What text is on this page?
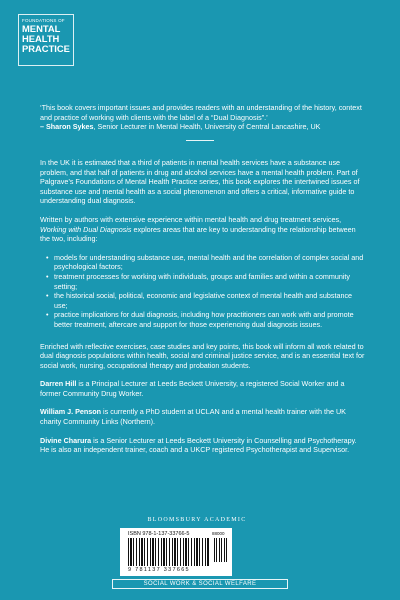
FOUNDATIONS OF
MENTAL
HEALTH
PRACTICE
‘This book covers important issues and provides readers with an understanding of the history, context and practice of working with clients with the label of a “Dual Diagnosis”.’
– Sharon Sykes, Senior Lecturer in Mental Health, University of Central Lancashire, UK

In the UK it is estimated that a third of patients in mental health services have a substance use problem, and that half of patients in drug and alcohol services have a mental health problem. Part of Palgrave’s Foundations of Mental Health Practice series, this book explores the intertwined issues of substance use and mental health as a social phenomenon and offers a critical, informative guide to understanding dual diagnosis.

Written by authors with extensive experience within mental health and drug treatment services, Working with Dual Diagnosis explores areas that are key to understanding the relationship between the two, including:

• models for understanding substance use, mental health and the correlation of complex social and psychological factors;
• treatment processes for working with individuals, groups and families and within a community setting;
• the historical social, political, economic and legislative context of mental health and substance use;
• practice implications for dual diagnosis, including how practitioners can work with and promote better treatment, aftercare and support for those experiencing dual diagnosis issues.

Enriched with reflective exercises, case studies and key points, this book will inform all work related to dual diagnosis populations within health, social and criminal justice service, and is an essential text for social work, nursing, occupational therapy and probation students.

Darren Hill is a Principal Lecturer at Leeds Beckett University, a registered Social Worker and a former Community Drug Worker.

William J. Penson is currently a PhD student at UCLAN and a mental health trainer with the UK charity Community Links (Northern).

Divine Charura is a Senior Lecturer at Leeds Beckett University in Counselling and Psychotherapy. He is also an independent trainer, coach and a UKCP registered Psychotherapist and Supervisor.

BLOOMSBURY ACADEMIC
ISBN 978-1-137-33766-5	88000
9 781137 337665
SOCIAL WORK & SOCIAL WELFARE
